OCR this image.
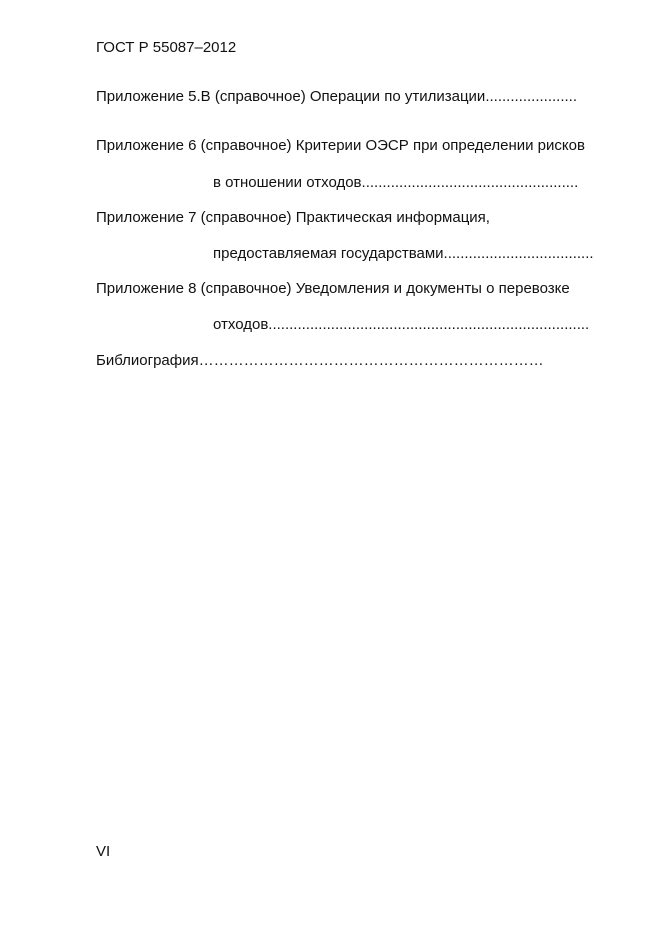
ГОСТ Р 55087–2012
Приложение 5.В (справочное) Операции по утилизации......................
Приложение 6 (справочное) Критерии ОЭСР при определении рисков
в отношении отходов....................................................
Приложение 7 (справочное) Практическая информация,
предоставляемая государствами....................................
Приложение 8 (справочное) Уведомления и документы о перевозке
отходов.............................................................................
Библиография……………………………………………………………
VI
